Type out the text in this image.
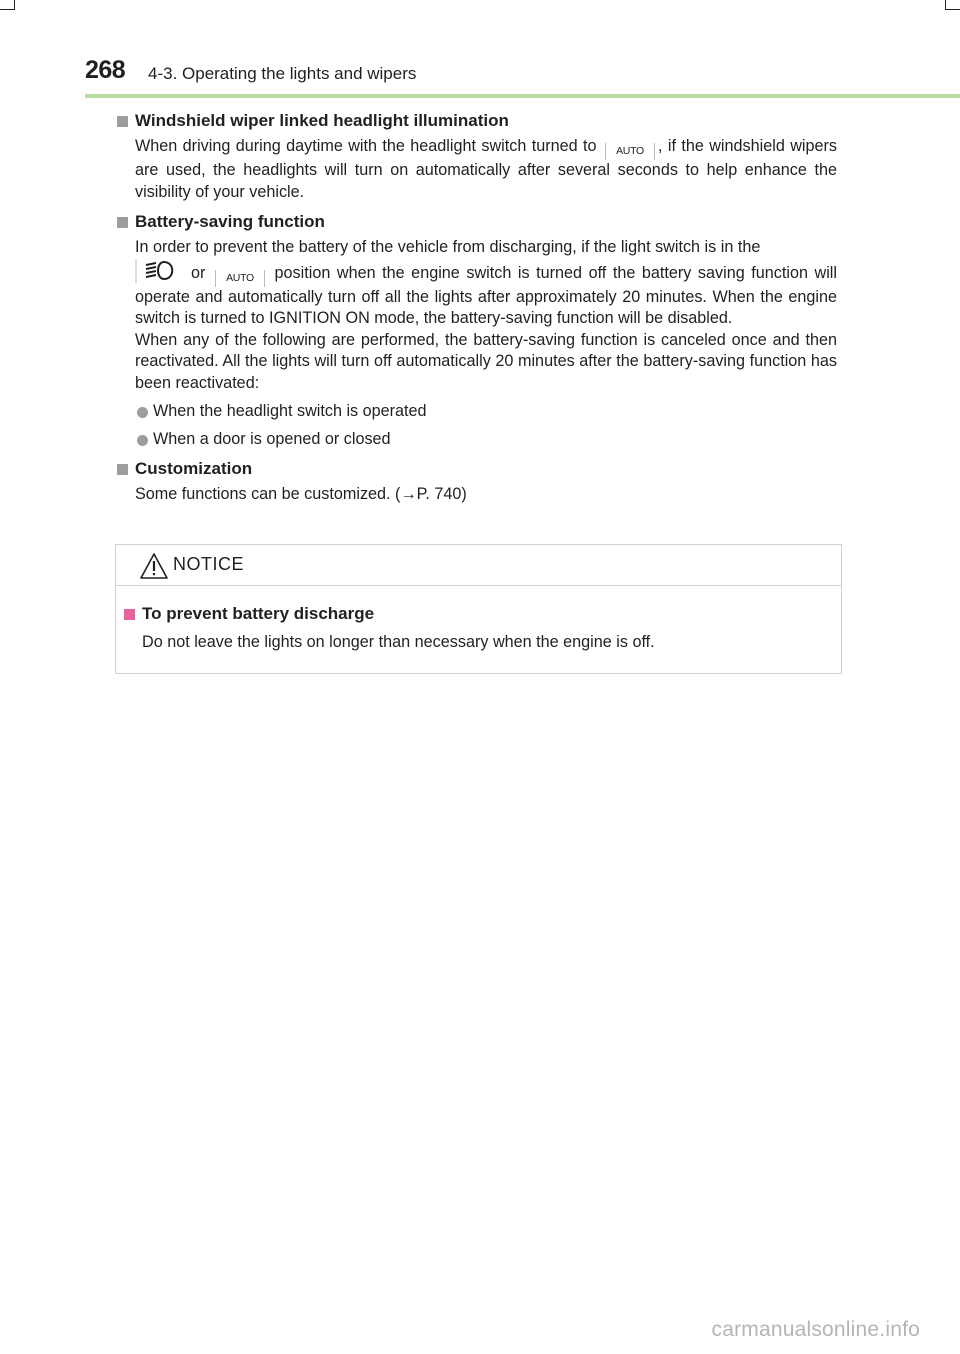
268 4-3. Operating the lights and wipers
Windshield wiper linked headlight illumination
When driving during daytime with the headlight switch turned to AUTO , if the windshield wipers are used, the headlights will turn on automatically after several seconds to help enhance the visibility of your vehicle.
Battery-saving function
In order to prevent the battery of the vehicle from discharging, if the light switch is in the
or AUTO position when the engine switch is turned off the battery saving function will operate and automatically turn off all the lights after approximately 20 minutes. When the engine switch is turned to IGNITION ON mode, the battery-saving function will be disabled.
When any of the following are performed, the battery-saving function is canceled once and then reactivated. All the lights will turn off automatically 20 minutes after the battery-saving function has been reactivated:
When the headlight switch is operated
When a door is opened or closed
Customization
Some functions can be customized. (→P. 740)
NOTICE
To prevent battery discharge
Do not leave the lights on longer than necessary when the engine is off.
carmanualsonline.info
